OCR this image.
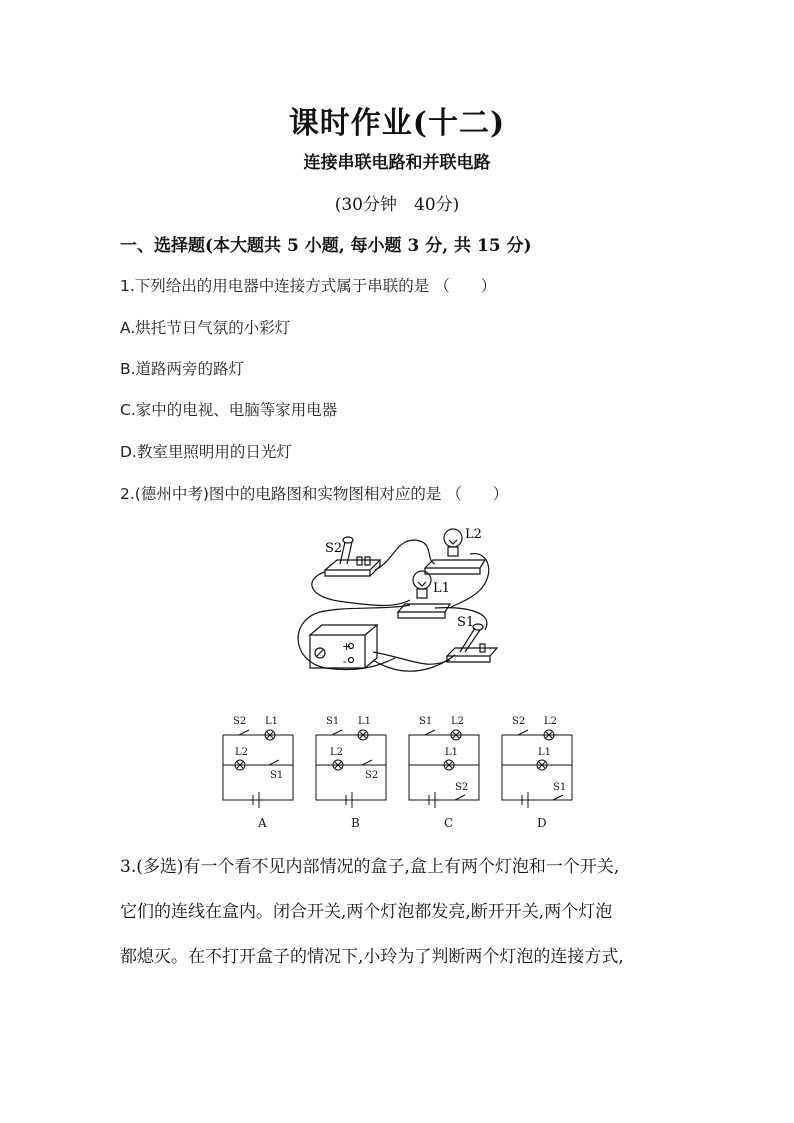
课时作业(十二)
连接串联电路和并联电路
(30分钟　40分)
一、选择题(本大题共 5 小题, 每小题 3 分, 共 15 分)
1.下列给出的用电器中连接方式属于串联的是 （　　）
A.烘托节日气氛的小彩灯
B.道路两旁的路灯
C.家中的电视、电脑等家用电器
D.教室里照明用的日光灯
2.(德州中考)图中的电路图和实物图相对应的是 （　　）
S2
L2
L1
S1
+
-
S2 L1
L2
S1
S1 L1
L2
S2
S1 L2
L1
S2
S2 L2
L1
S1
A	B	C	D
3.(多选)有一个看不见内部情况的盒子,盒上有两个灯泡和一个开关,
它们的连线在盒内。闭合开关,两个灯泡都发亮,断开开关,两个灯泡
都熄灭。在不打开盒子的情况下,小玲为了判断两个灯泡的连接方式,
